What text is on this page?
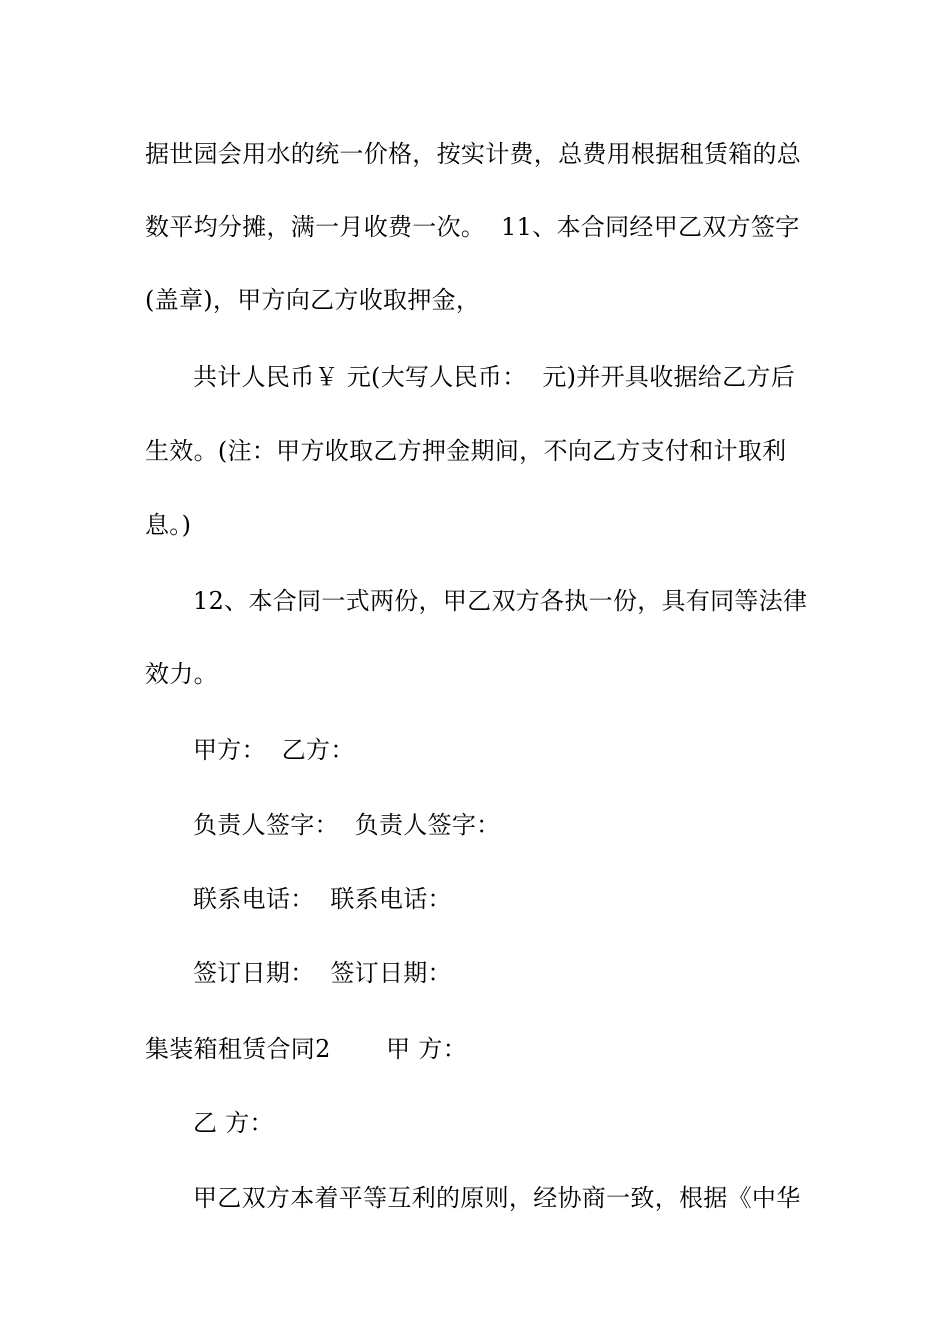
据世园会用水的统一价格，按实计费，总费用根据租赁箱的总
数平均分摊，满一月收费一次。  11、本合同经甲乙双方签字
(盖章)，甲方向乙方收取押金，
共计人民币￥ 元(大写人民币：  元)并开具收据给乙方后
生效。(注：甲方收取乙方押金期间，不向乙方支付和计取利
息。)
12、本合同一式两份，甲乙双方各执一份，具有同等法律
效力。
甲方：  乙方：
负责人签字：  负责人签字：
联系电话：  联系电话：
签订日期：  签订日期：
集装箱租赁合同2       甲 方：
乙 方：
甲乙双方本着平等互利的原则，经协商一致，根据《中华
